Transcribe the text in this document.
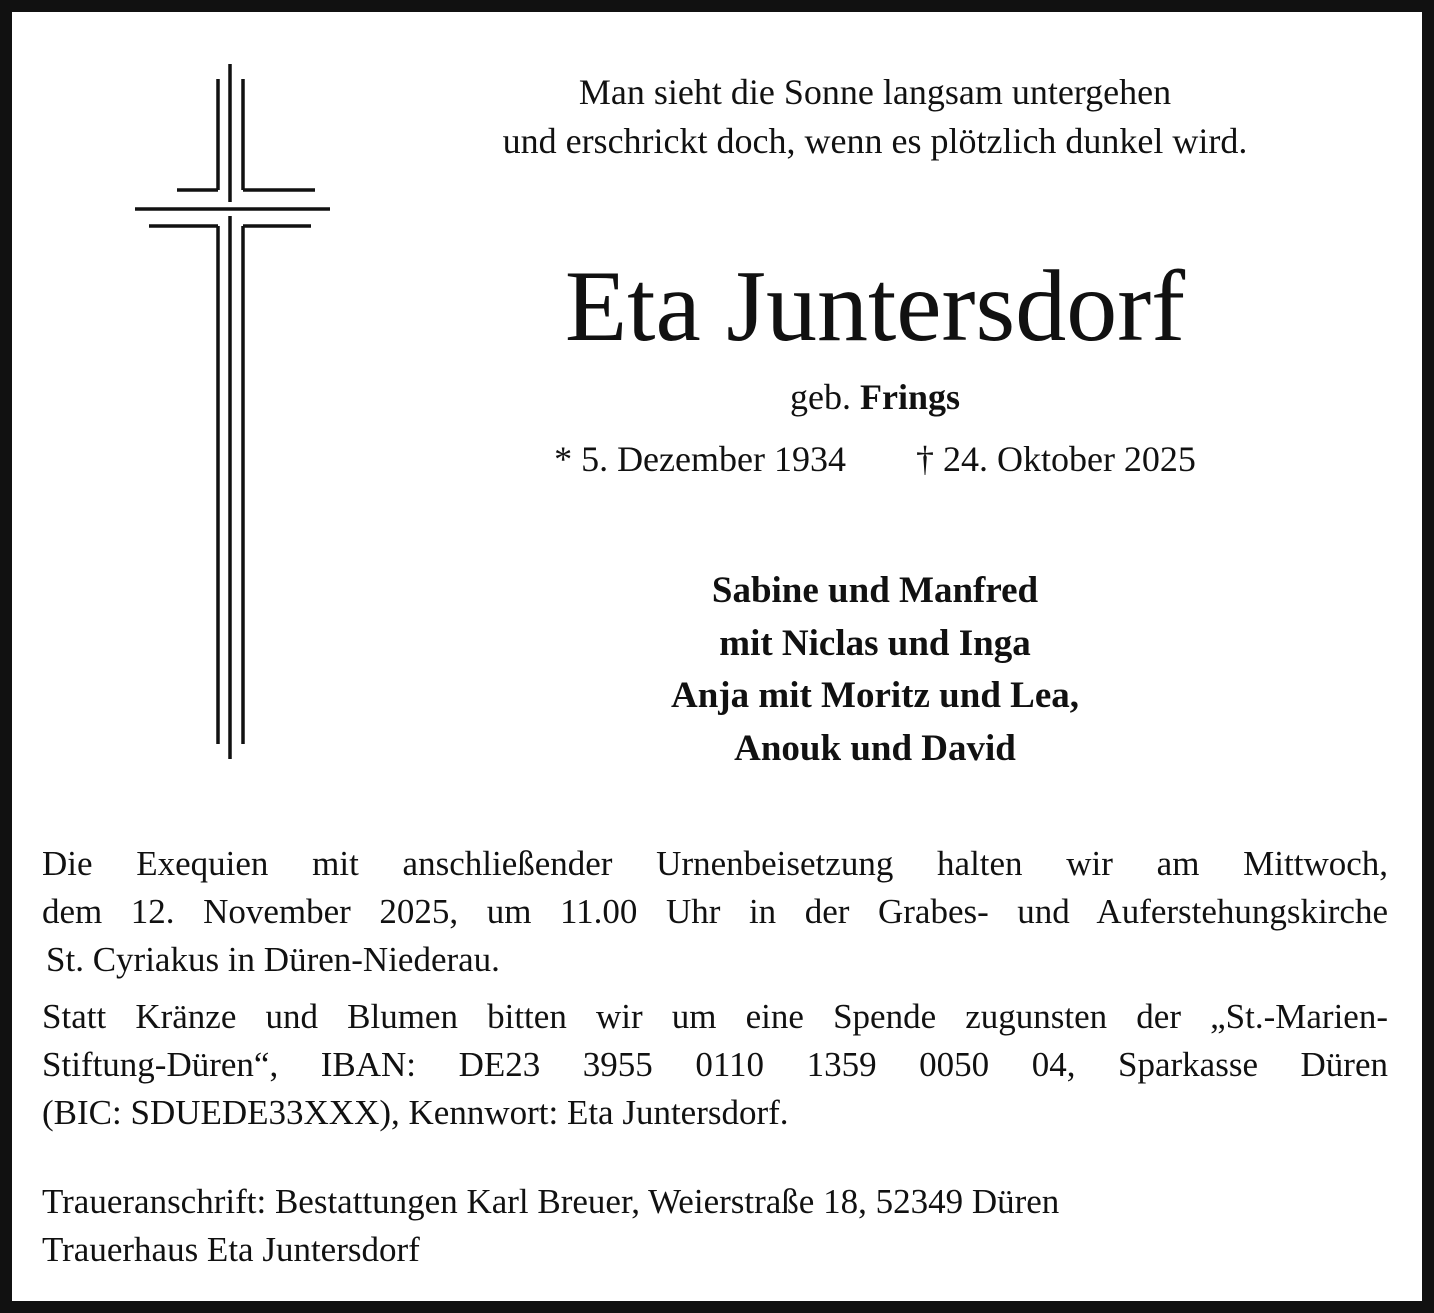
Man sieht die Sonne langsam untergehen
und erschrickt doch, wenn es plötzlich dunkel wird.
Eta Juntersdorf
geb. Frings
* 5. Dezember 1934 † 24. Oktober 2025
Sabine und Manfred
mit Niclas und Inga
Anja mit Moritz und Lea,
Anouk und David
Die Exequien mit anschließender Urnenbeisetzung halten wir am Mittwoch,
dem 12. November 2025, um 11.00 Uhr in der Grabes- und Auferstehungskirche
St. Cyriakus in Düren-Niederau.
Statt Kränze und Blumen bitten wir um eine Spende zugunsten der „St.-Marien-
Stiftung-Düren“, IBAN: DE23 3955 0110 1359 0050 04, Sparkasse Düren
(BIC: SDUEDE33XXX), Kennwort: Eta Juntersdorf.
Traueranschrift: Bestattungen Karl Breuer, Weierstraße 18, 52349 Düren
Trauerhaus Eta Juntersdorf
